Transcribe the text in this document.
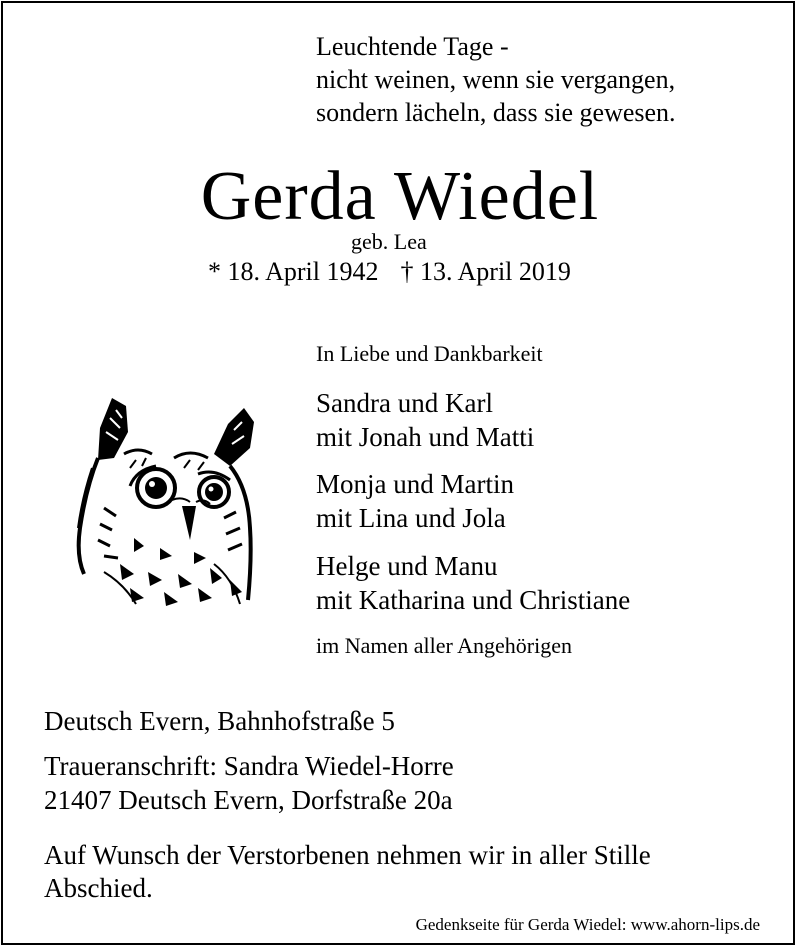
Leuchtende Tage -
nicht weinen, wenn sie vergangen,
sondern lächeln, dass sie gewesen.
Gerda Wiedel
geb. Lea
* 18. April 1942 † 13. April 2019
In Liebe und Dankbarkeit
Sandra und Karl
mit Jonah und Matti
Monja und Martin
mit Lina und Jola
Helge und Manu
mit Katharina und Christiane
im Namen aller Angehörigen
Deutsch Evern, Bahnhofstraße 5
Traueranschrift: Sandra Wiedel-Horre
21407 Deutsch Evern, Dorfstraße 20a
Auf Wunsch der Verstorbenen nehmen wir in aller Stille
Abschied.
Gedenkseite für Gerda Wiedel: www.ahorn-lips.de
